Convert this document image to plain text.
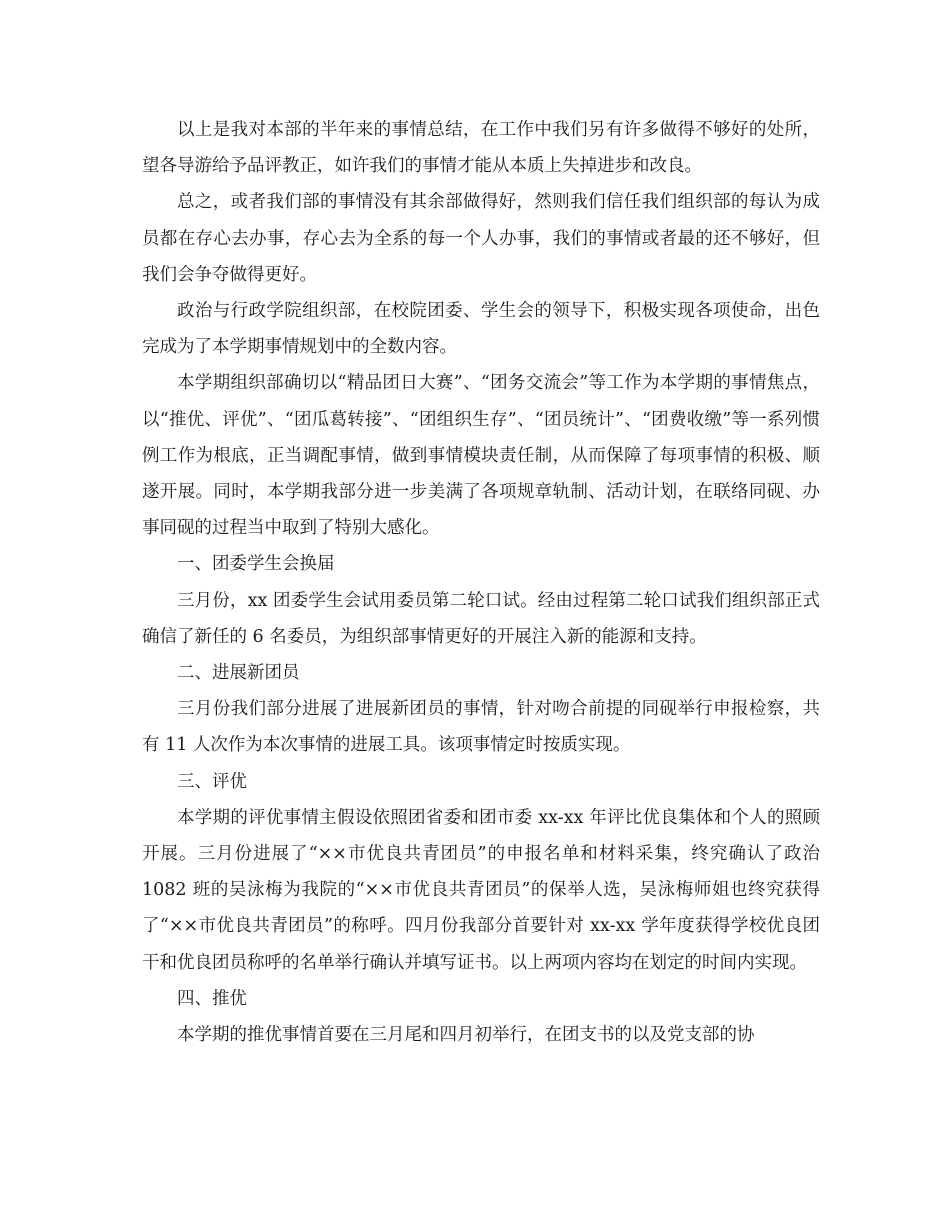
以上是我对本部的半年来的事情总结，在工作中我们另有许多做得不够好的处所，望各导游给予品评教正，如许我们的事情才能从本质上失掉进步和改良。

总之，或者我们部的事情没有其余部做得好，然则我们信任我们组织部的每认为成员都在存心去办事，存心去为全系的每一个人办事，我们的事情或者最的还不够好，但我们会争夺做得更好。

政治与行政学院组织部，在校院团委、学生会的领导下，积极实现各项使命，出色完成为了本学期事情规划中的全数内容。

本学期组织部确切以“精品团日大赛”、“团务交流会”等工作为本学期的事情焦点，以“推优、评优”、“团瓜葛转接”、“团组织生存”、“团员统计”、“团费收缴”等一系列惯例工作为根底，正当调配事情，做到事情模块责任制，从而保障了每项事情的积极、顺遂开展。同时，本学期我部分进一步美满了各项规章轨制、活动计划，在联络同砚、办事同砚的过程当中取到了特别大感化。

一、团委学生会换届

三月份，xx 团委学生会试用委员第二轮口试。经由过程第二轮口试我们组织部正式确信了新任的 6 名委员，为组织部事情更好的开展注入新的能源和支持。

二、进展新团员

三月份我们部分进展了进展新团员的事情，针对吻合前提的同砚举行申报检察，共有 11 人次作为本次事情的进展工具。该项事情定时按质实现。

三、评优

本学期的评优事情主假设依照团省委和团市委 xx-xx 年评比优良集体和个人的照顾开展。三月份进展了“××市优良共青团员”的申报名单和材料采集，终究确认了政治 1082 班的吴泳梅为我院的“××市优良共青团员”的保举人选，吴泳梅师姐也终究获得了“××市优良共青团员”的称呼。四月份我部分首要针对 xx-xx 学年度获得学校优良团干和优良团员称呼的名单举行确认并填写证书。以上两项内容均在划定的时间内实现。

四、推优

本学期的推优事情首要在三月尾和四月初举行，在团支书的以及党支部的协
